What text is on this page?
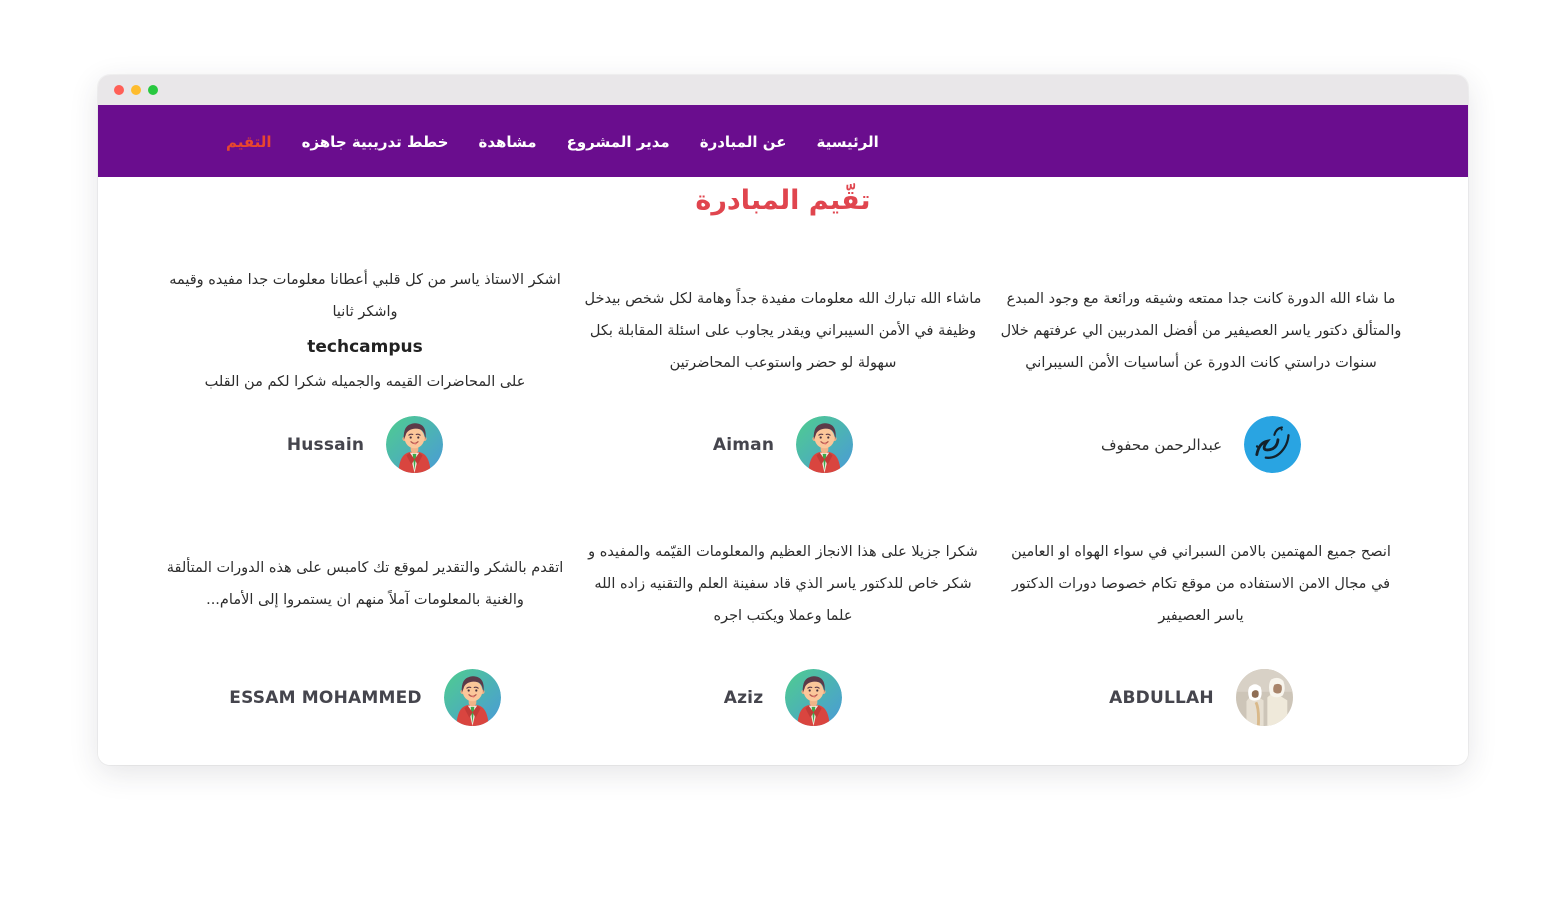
الرئيسية
عن المبادرة
مدير المشروع
مشاهدة
خطط تدريبية جاهزه
التقيم
تقّيم المبادرة

ما شاء الله الدورة كانت جدا ممتعه وشيقه ورائعة مع وجود المبدع والمتألق دكتور ياسر العصيفير من أفضل المدربين الي عرفتهم خلال سنوات دراستي كانت الدورة عن أساسيات الأمن السيبراني

عبدالرحمن محفوف

ماشاء الله تبارك الله معلومات مفيدة جداً وهامة لكل شخص بيدخل وظيفة في الأمن السيبراني ويقدر يجاوب على اسئلة المقابلة بكل سهولة لو حضر واستوعب المحاضرتين

Aiman

اشكر الاستاذ ياسر من كل قلبي أعطانا معلومات جدا مفيده وقيمه واشكر ثانيا
techcampus
على المحاضرات القيمه والجميله شكرا لكم من القلب

Hussain

انصح جميع المهتمين بالامن السبراني في سواء الهواه او العامين في مجال الامن الاستفاده من موقع تكام خصوصا دورات الدكتور ياسر العصيفير

ABDULLAH

شكرا جزيلا على هذا الانجاز العظيم والمعلومات القيّمه والمفيده و شكر خاص للدكتور ياسر الذي قاد سفينة العلم والتقنيه زاده الله علما وعملا ويكتب اجره

Aziz

اتقدم بالشكر والتقدير لموقع تك كامبس على هذه الدورات المتألقة والغنية بالمعلومات آملاً منهم ان يستمروا إلى الأمام...

ESSAM MOHAMMED
